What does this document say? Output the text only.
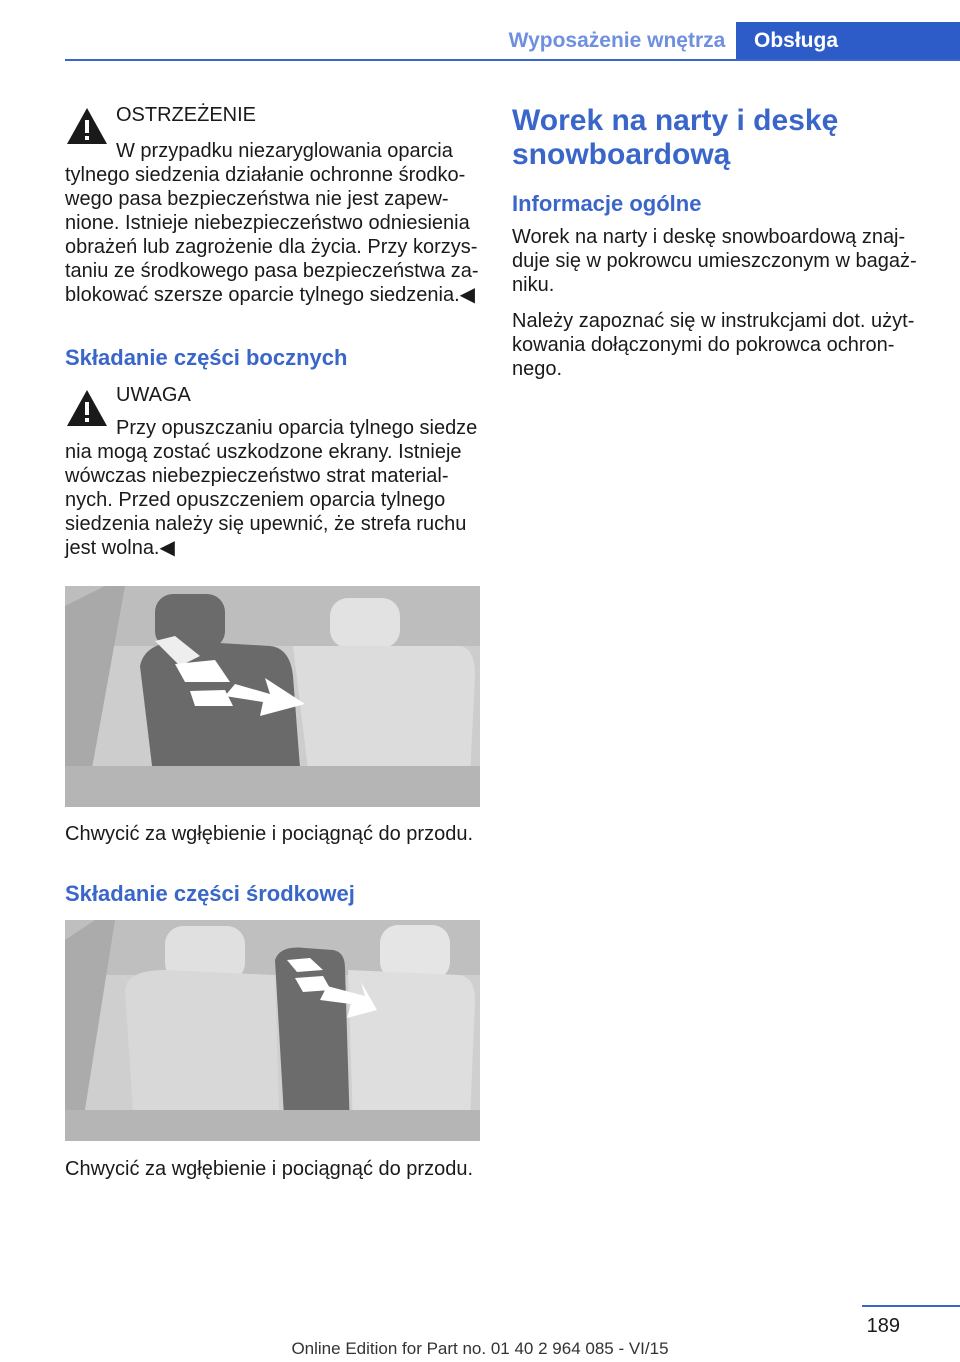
Wyposażenie wnętrza	Obsługa

OSTRZEŻENIE

W przypadku niezaryglowania oparcia

tylnego siedzenia działanie ochronne środkowego pasa bezpieczeństwa nie jest zapewnione. Istnieje niebezpieczeństwo odniesienia obrażeń lub zagrożenie dla życia. Przy korzystaniu ze środkowego pasa bezpieczeństwa zablokować szersze oparcie tylnego siedzenia.◀

Składanie części bocznych

UWAGA

Przy opuszczaniu oparcia tylnego siedze

nia mogą zostać uszkodzone ekrany. Istnieje wówczas niebezpieczeństwo strat materialnych. Przed opuszczeniem oparcia tylnego siedzenia należy się upewnić, że strefa ruchu jest wolna.◀

Chwycić za wgłębienie i pociągnąć do przodu.

Składanie części środkowej

Chwycić za wgłębienie i pociągnąć do przodu.

Worek na narty i deskę snowboardową

Informacje ogólne

Worek na narty i deskę snowboardową znajduje się w pokrowcu umieszczonym w bagażniku.

Należy zapoznać się w instrukcjami dot. użytkowania dołączonymi do pokrowca ochronnego.

189
Online Edition for Part no. 01 40 2 964 085 - VI/15
